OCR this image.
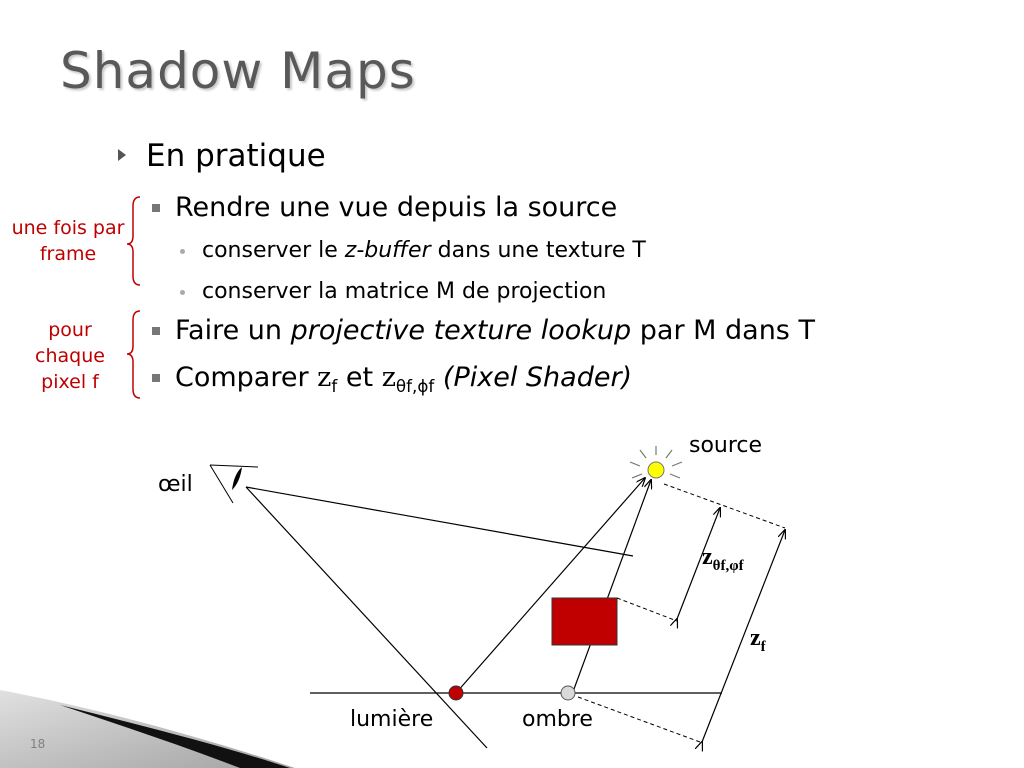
Shadow Maps
En pratique
Rendre une vue depuis la source
conserver le z-buffer dans une texture T
conserver la matrice M de projection
Faire un projective texture lookup par M dans T
Comparer $z_f$ et $z_{\theta f,\phi f}$ (Pixel Shader)
une fois par frame
pour chaque pixel f
source
œil
lumière	ombre
$z_{\theta f,\varphi f}$
$z_f$
18
